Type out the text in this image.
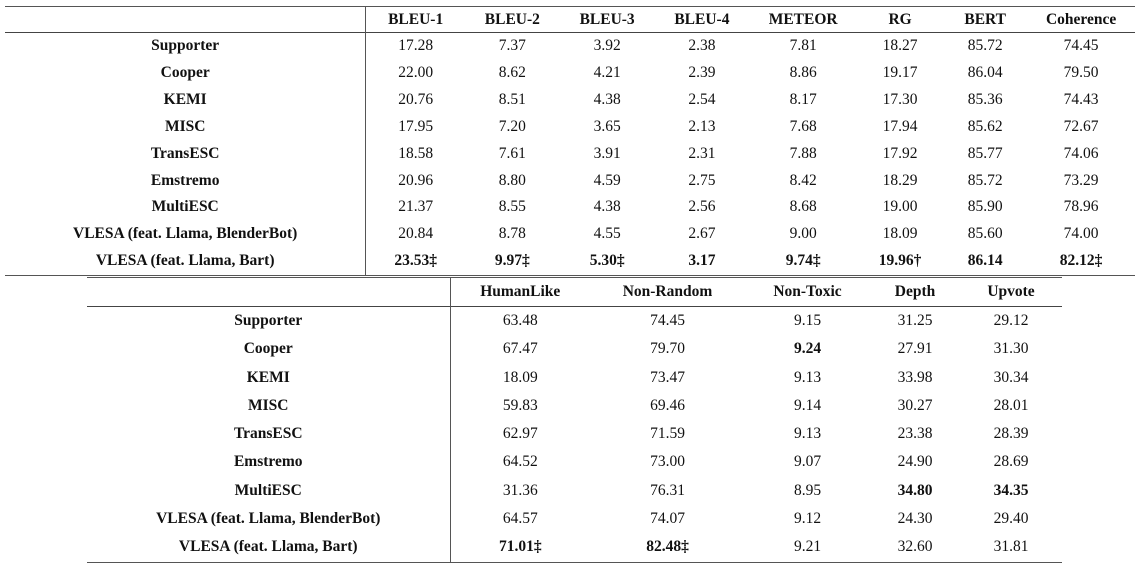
	BLEU-1	BLEU-2	BLEU-3	BLEU-4	METEOR	RG	BERT	Coherence
Supporter	17.28	7.37	3.92	2.38	7.81	18.27	85.72	74.45
Cooper	22.00	8.62	4.21	2.39	8.86	19.17	86.04	79.50
KEMI	20.76	8.51	4.38	2.54	8.17	17.30	85.36	74.43
MISC	17.95	7.20	3.65	2.13	7.68	17.94	85.62	72.67
TransESC	18.58	7.61	3.91	2.31	7.88	17.92	85.77	74.06
Emstremo	20.96	8.80	4.59	2.75	8.42	18.29	85.72	73.29
MultiESC	21.37	8.55	4.38	2.56	8.68	19.00	85.90	78.96
VLESA (feat. Llama, BlenderBot)	20.84	8.78	4.55	2.67	9.00	18.09	85.60	74.00
VLESA (feat. Llama, Bart)	23.53‡	9.97‡	5.30‡	3.17	9.74‡	19.96†	86.14	82.12‡
	HumanLike	Non-Random	Non-Toxic	Depth	Upvote
Supporter	63.48	74.45	9.15	31.25	29.12
Cooper	67.47	79.70	9.24	27.91	31.30
KEMI	18.09	73.47	9.13	33.98	30.34
MISC	59.83	69.46	9.14	30.27	28.01
TransESC	62.97	71.59	9.13	23.38	28.39
Emstremo	64.52	73.00	9.07	24.90	28.69
MultiESC	31.36	76.31	8.95	34.80	34.35
VLESA (feat. Llama, BlenderBot)	64.57	74.07	9.12	24.30	29.40
VLESA (feat. Llama, Bart)	71.01‡	82.48‡	9.21	32.60	31.81
